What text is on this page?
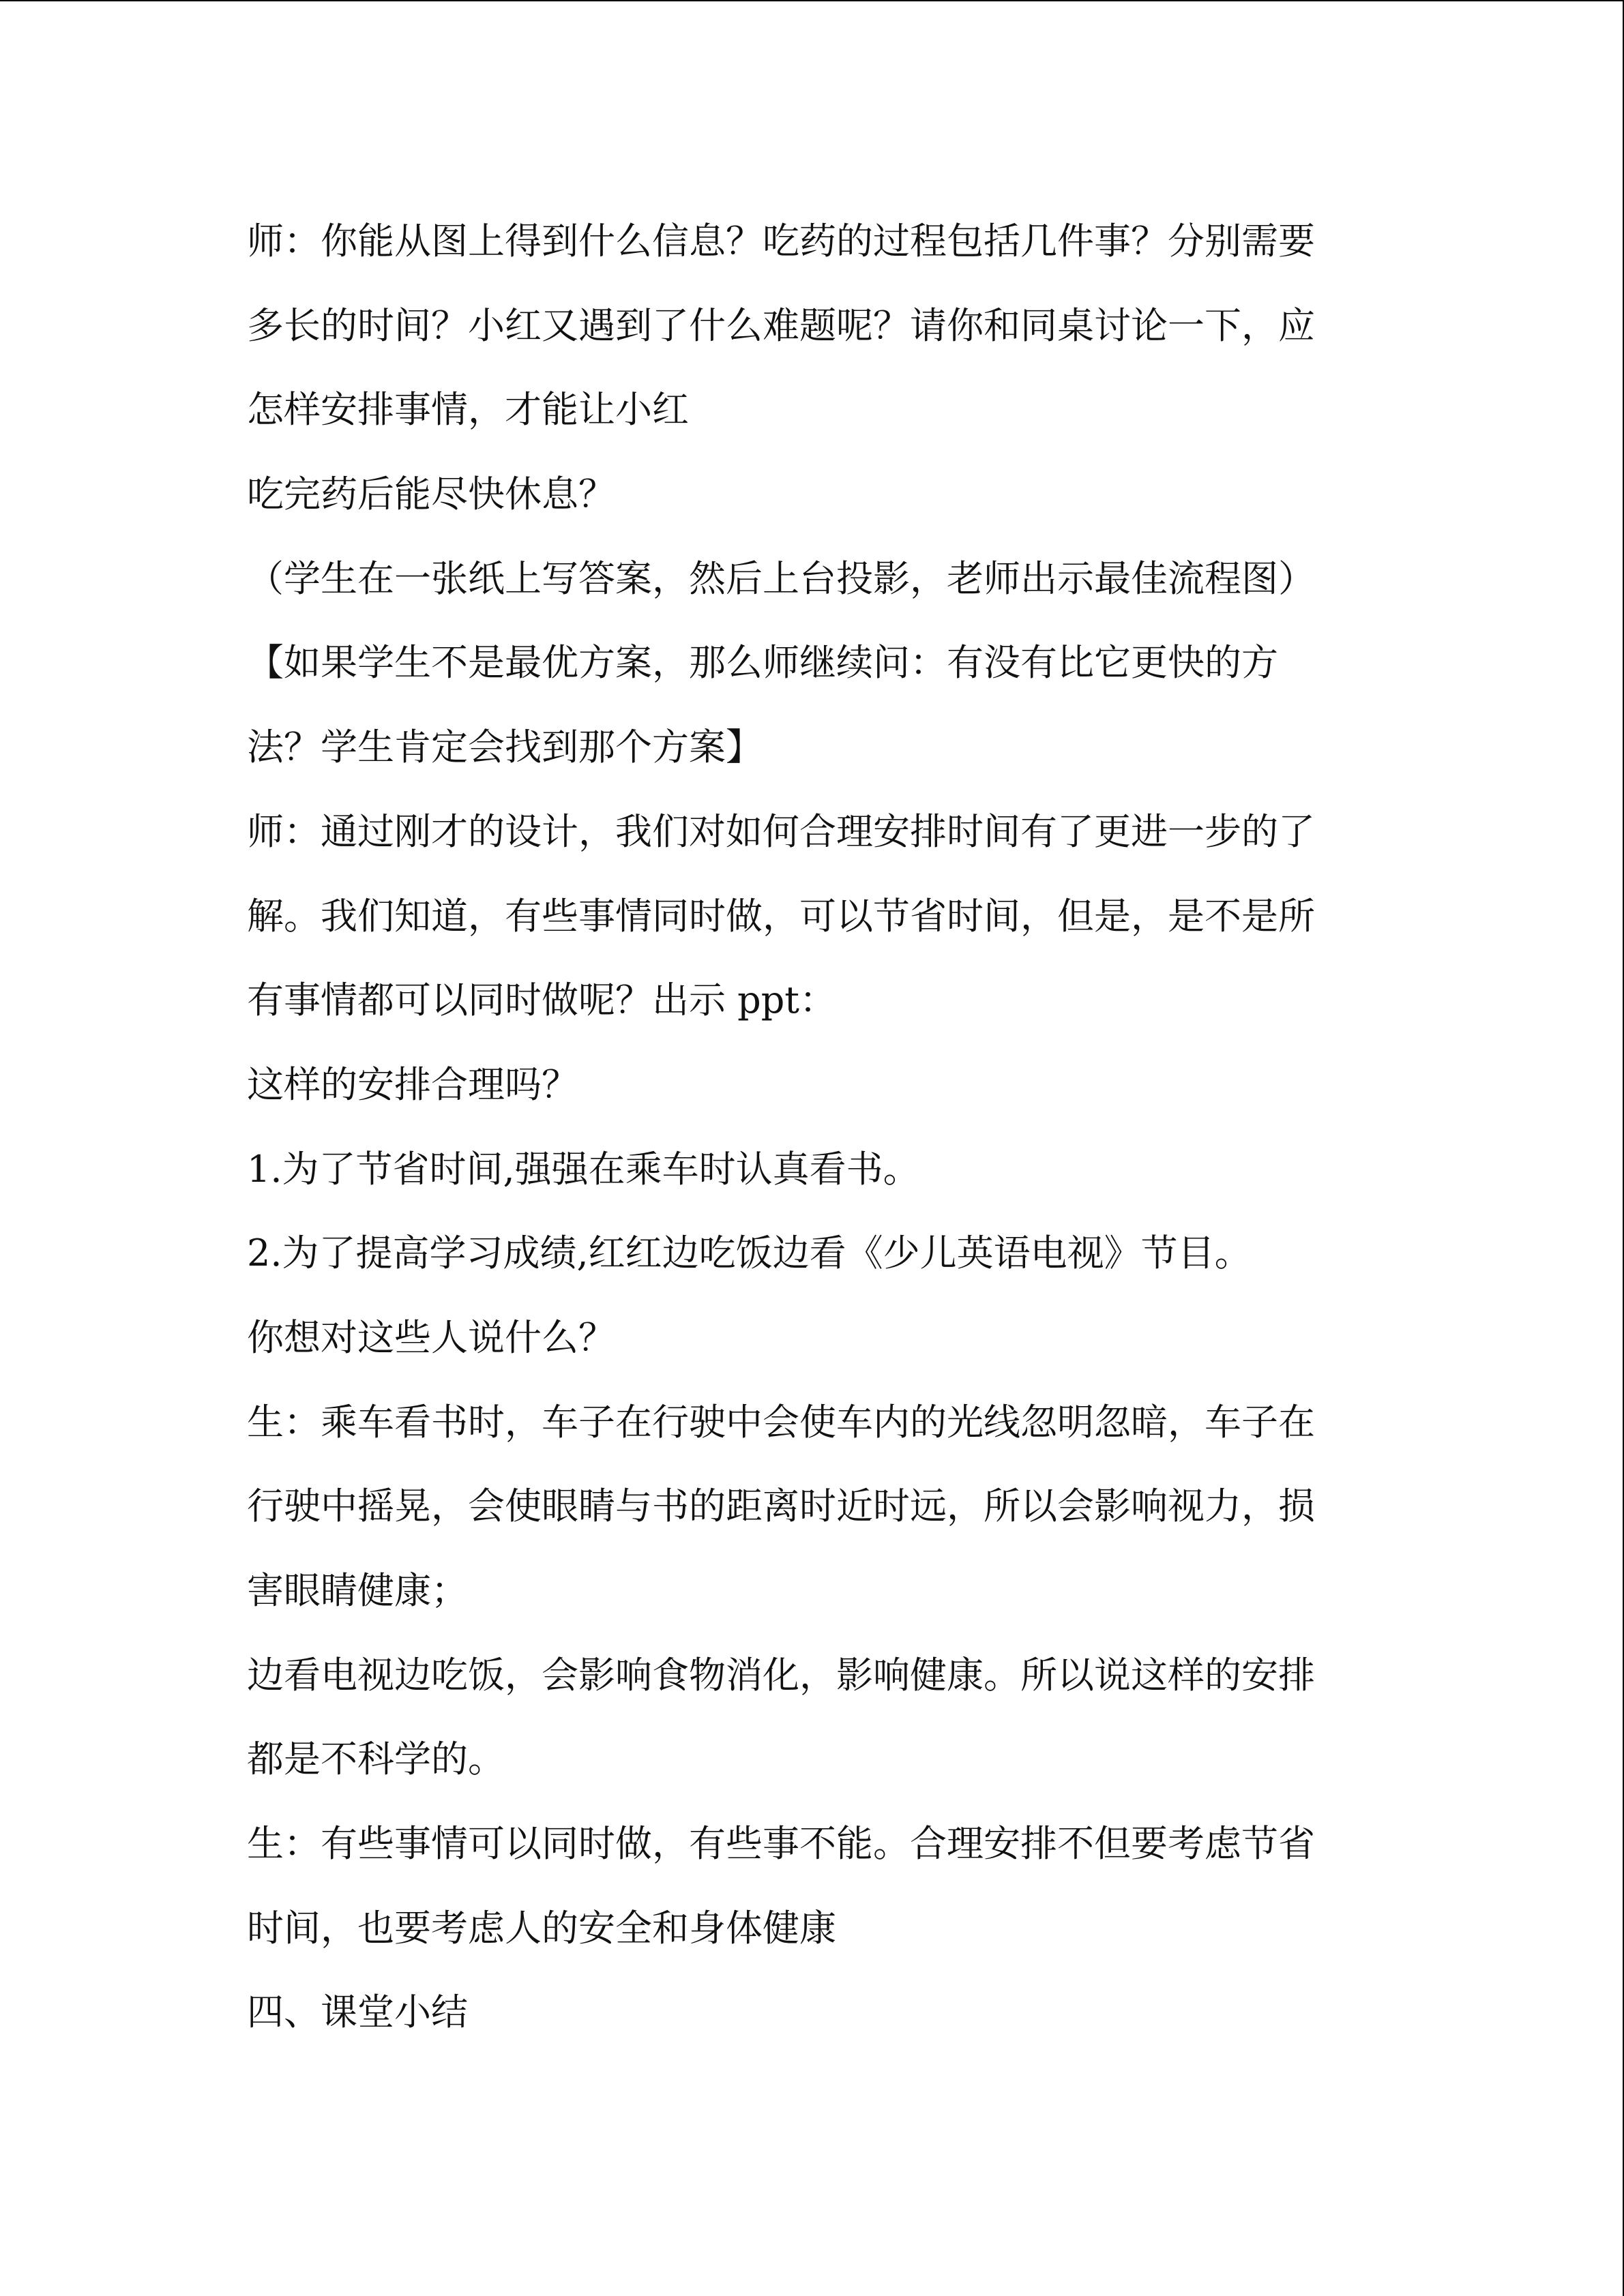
师：你能从图上得到什么信息？吃药的过程包括几件事？分别需要

多长的时间？小红又遇到了什么难题呢？请你和同桌讨论一下，应

怎样安排事情，才能让小红

吃完药后能尽快休息？

（学生在一张纸上写答案，然后上台投影，老师出示最佳流程图）

【如果学生不是最优方案，那么师继续问：有没有比它更快的方

法？学生肯定会找到那个方案】

师：通过刚才的设计，我们对如何合理安排时间有了更进一步的了

解。我们知道，有些事情同时做，可以节省时间，但是，是不是所

有事情都可以同时做呢？出示 ppt：

这样的安排合理吗？

1.为了节省时间,强强在乘车时认真看书。

2.为了提高学习成绩,红红边吃饭边看《少儿英语电视》节目。

你想对这些人说什么？

生：乘车看书时，车子在行驶中会使车内的光线忽明忽暗，车子在

行驶中摇晃，会使眼睛与书的距离时近时远，所以会影响视力，损

害眼睛健康；

边看电视边吃饭，会影响食物消化，影响健康。所以说这样的安排

都是不科学的。

生：有些事情可以同时做，有些事不能。合理安排不但要考虑节省

时间，也要考虑人的安全和身体健康

四、课堂小结
